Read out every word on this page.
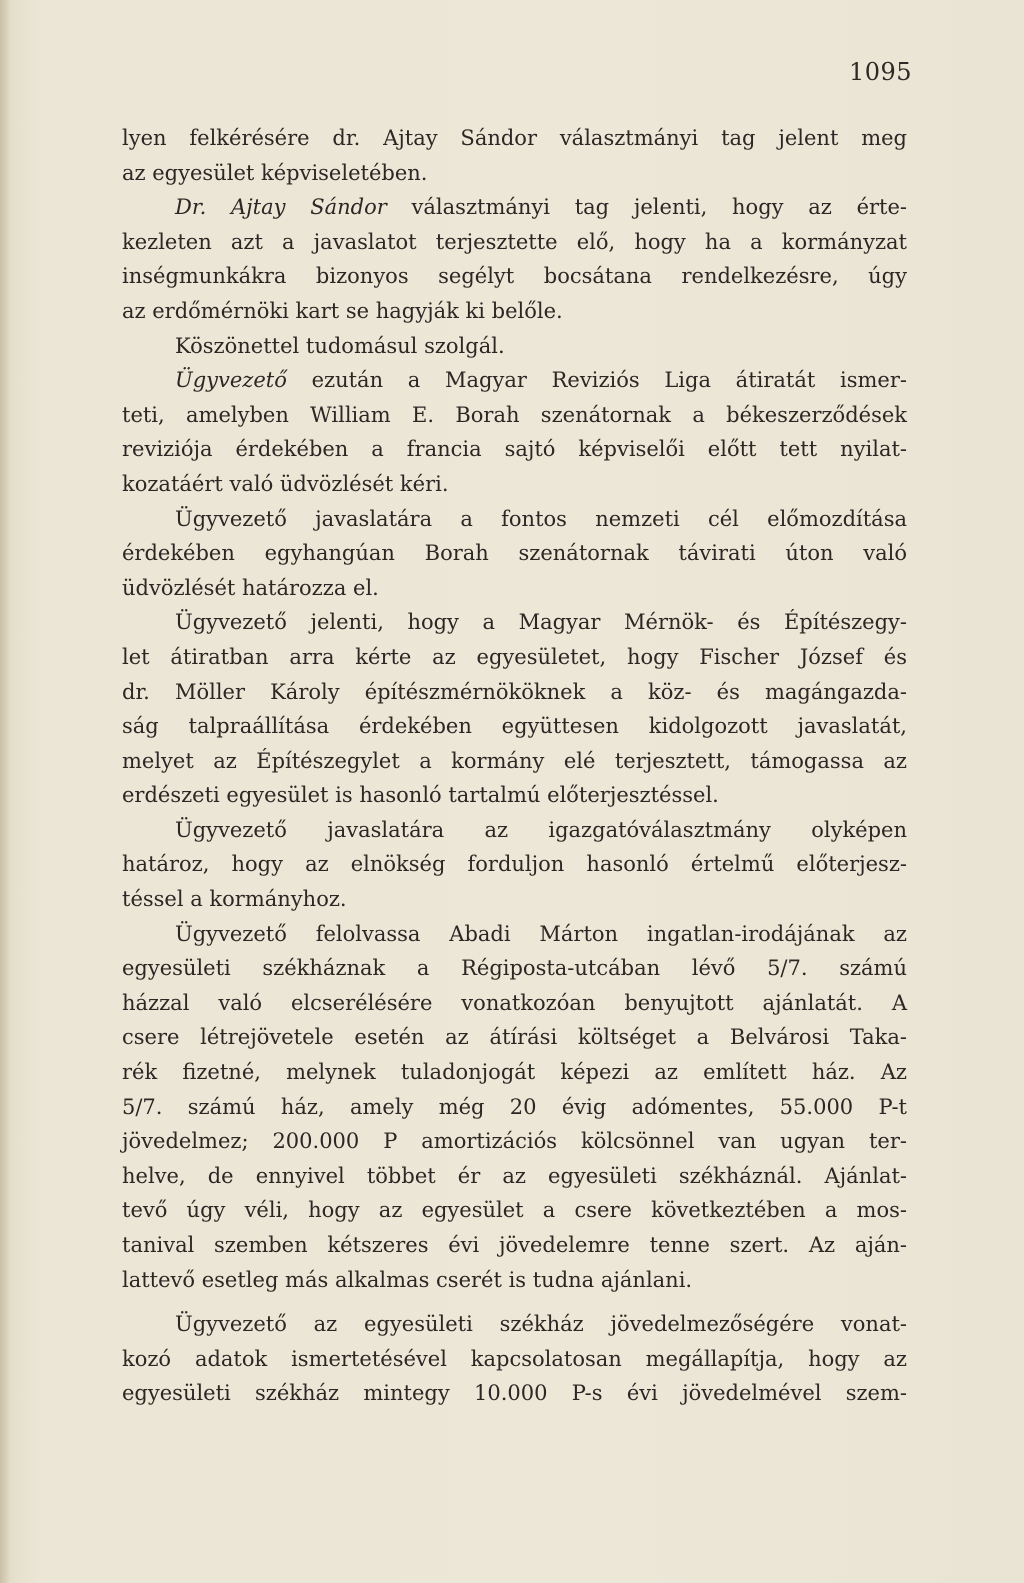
1095
lyen felkérésére dr. Ajtay Sándor választmányi tag jelent meg
az egyesület képviseletében.
Dr. Ajtay Sándor választmányi tag jelenti, hogy az érte-
kezleten azt a javaslatot terjesztette elő, hogy ha a kormányzat
inségmunkákra bizonyos segélyt bocsátana rendelkezésre, úgy
az erdőmérnöki kart se hagyják ki belőle.
Köszönettel tudomásul szolgál.
Ügyvezető ezután a Magyar Reviziós Liga átiratát ismer-
teti, amelyben William E. Borah szenátornak a békeszerződések
reviziója érdekében a francia sajtó képviselői előtt tett nyilat-
kozatáért való üdvözlését kéri.
Ügyvezető javaslatára a fontos nemzeti cél előmozdítása
érdekében egyhangúan Borah szenátornak távirati úton való
üdvözlését határozza el.
Ügyvezető jelenti, hogy a Magyar Mérnök- és Építészegy-
let átiratban arra kérte az egyesületet, hogy Fischer József és
dr. Möller Károly építészmérnököknek a köz- és magángazda-
ság talpraállítása érdekében együttesen kidolgozott javaslatát,
melyet az Építészegylet a kormány elé terjesztett, támogassa az
erdészeti egyesület is hasonló tartalmú előterjesztéssel.
Ügyvezető javaslatára az igazgatóválasztmány olyképen
határoz, hogy az elnökség forduljon hasonló értelmű előterjesz-
téssel a kormányhoz.
Ügyvezető felolvassa Abadi Márton ingatlan-irodájának az
egyesületi székháznak a Régiposta-utcában lévő 5/7. számú
házzal való elcserélésére vonatkozóan benyujtott ajánlatát. A
csere létrejövetele esetén az átírási költséget a Belvárosi Taka-
rék fizetné, melynek tuladonjogát képezi az említett ház. Az
5/7. számú ház, amely még 20 évig adómentes, 55.000 P-t
jövedelmez; 200.000 P amortizációs kölcsönnel van ugyan ter-
helve, de ennyivel többet ér az egyesületi székháznál. Ajánlat-
tevő úgy véli, hogy az egyesület a csere következtében a mos-
tanival szemben kétszeres évi jövedelemre tenne szert. Az aján-
lattevő esetleg más alkalmas cserét is tudna ajánlani.
Ügyvezető az egyesületi székház jövedelmezőségére vonat-
kozó adatok ismertetésével kapcsolatosan megállapítja, hogy az
egyesületi székház mintegy 10.000 P-s évi jövedelmével szem-
